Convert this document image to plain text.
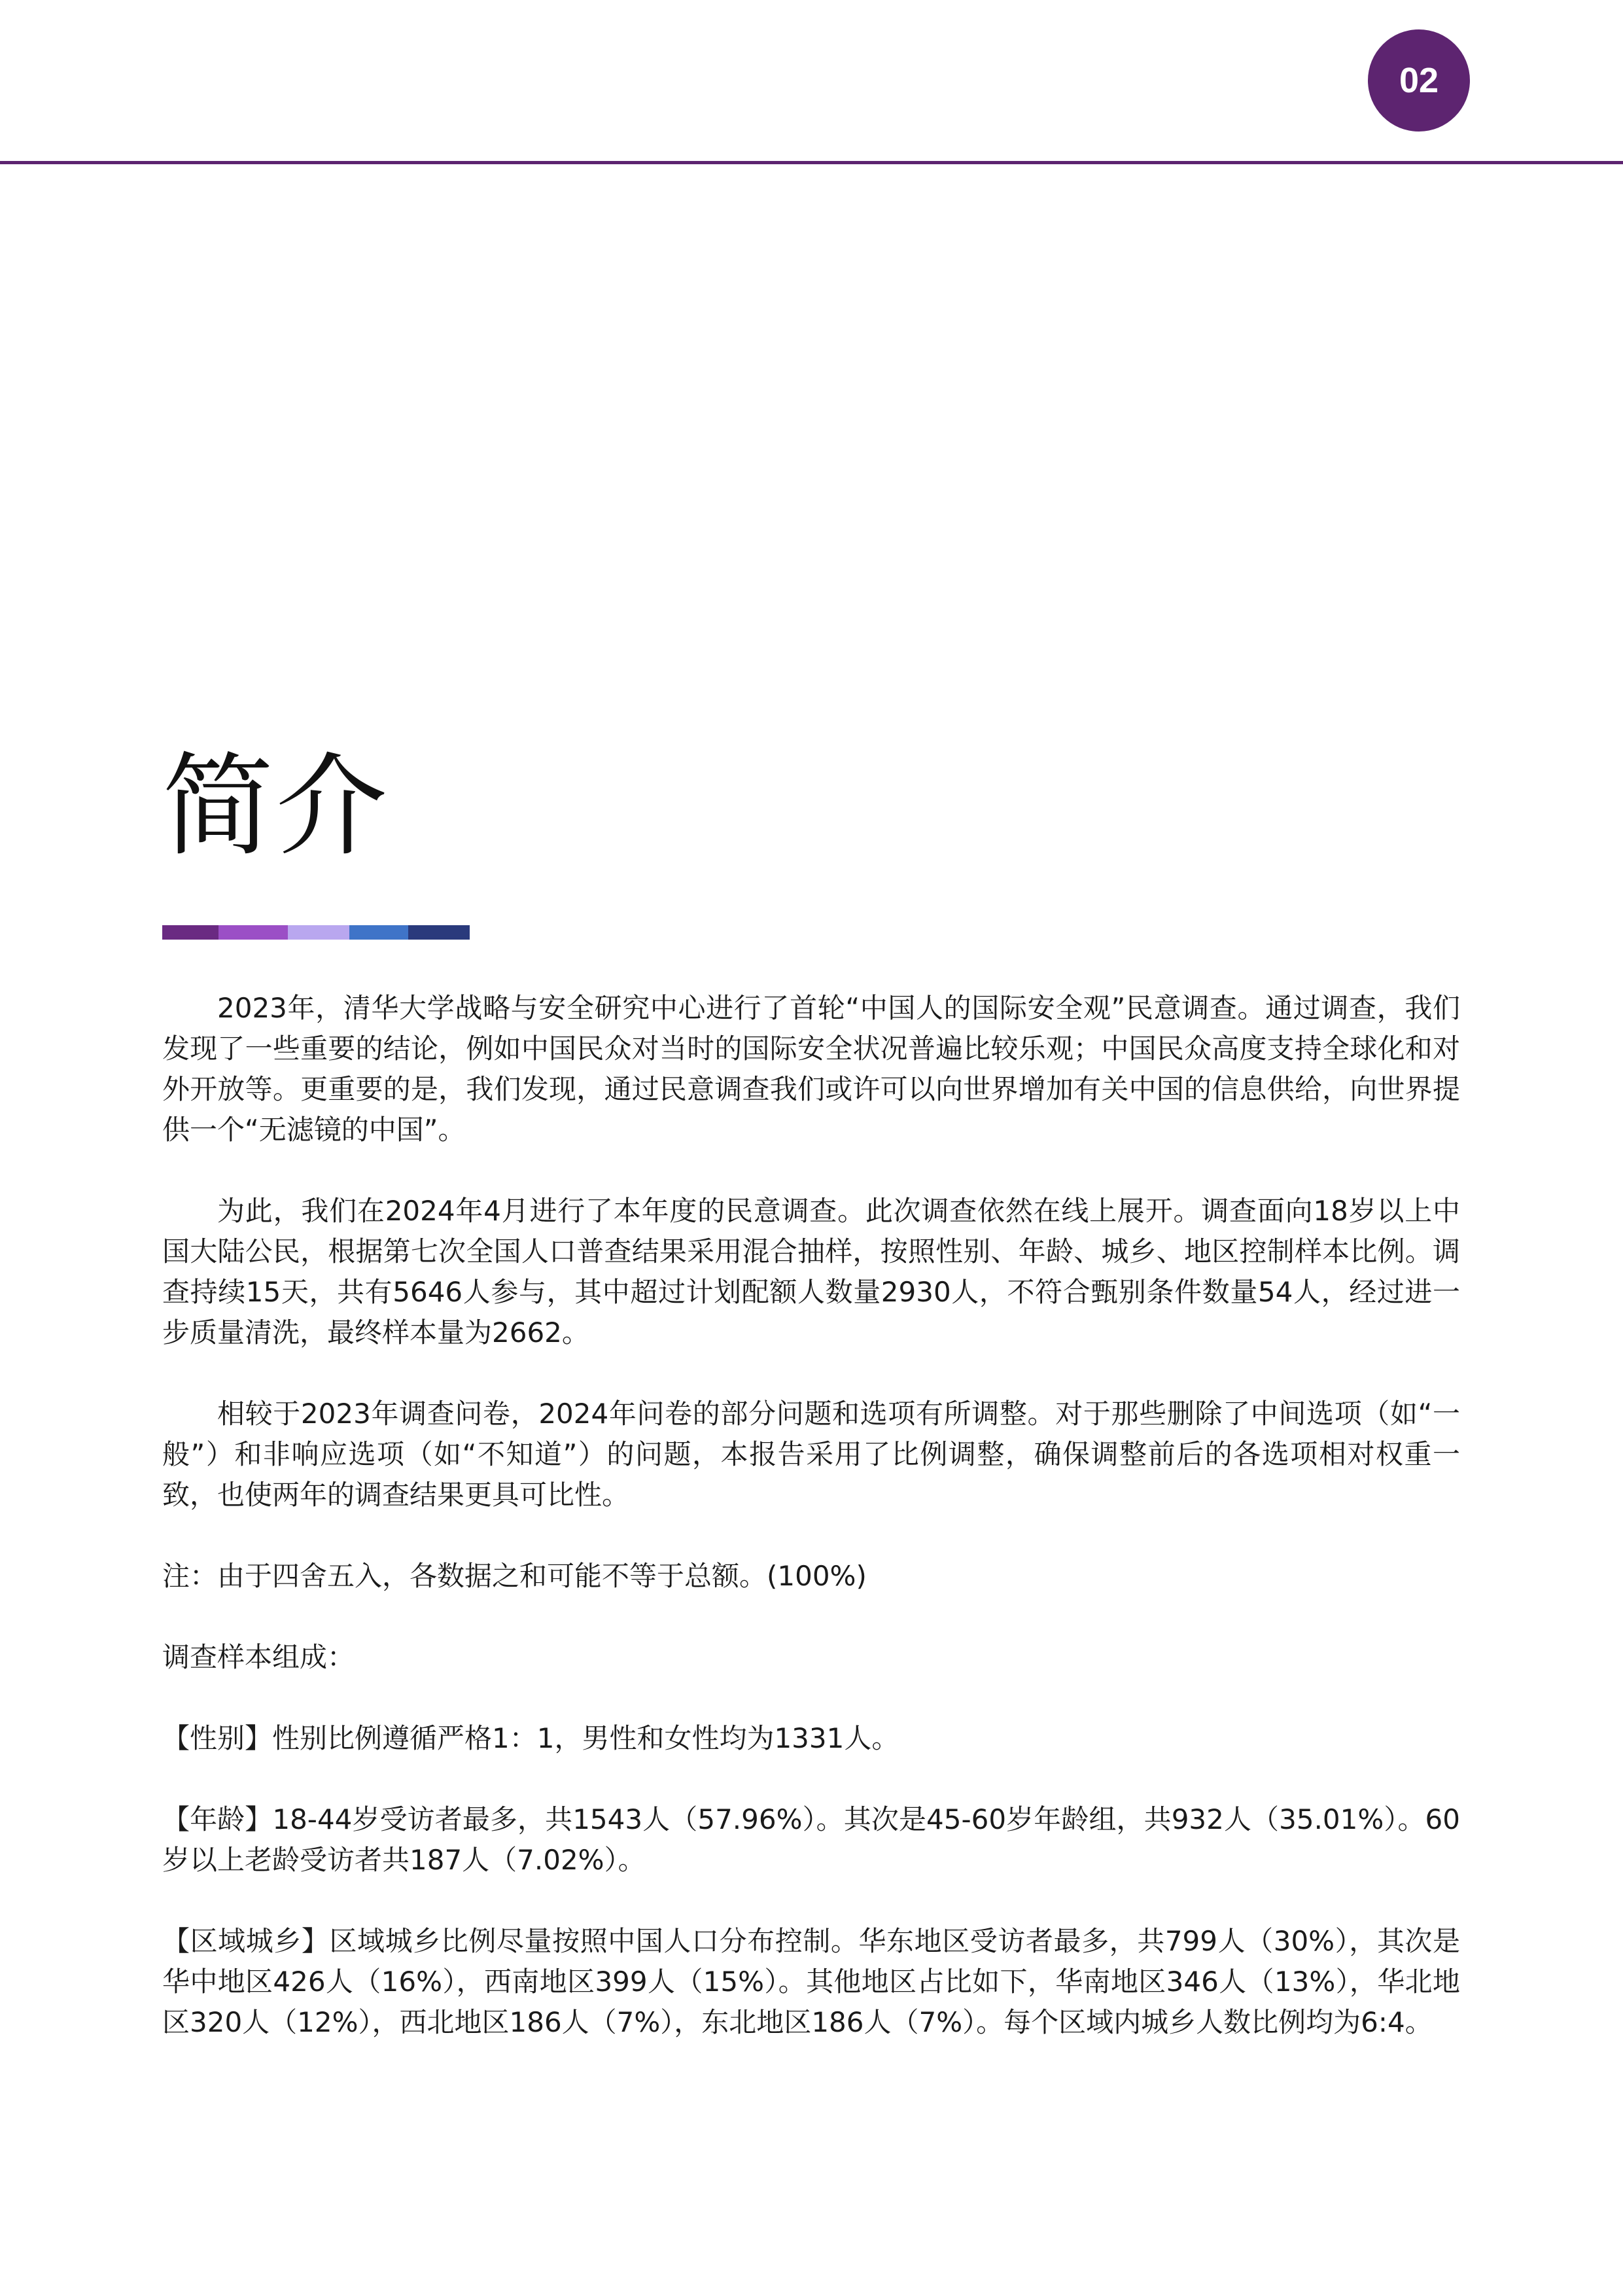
02
简介

2023年，清华大学战略与安全研究中心进行了首轮“中国人的国际安全观”民意调查。通过调查，我们发现了一些重要的结论，例如中国民众对当时的国际安全状况普遍比较乐观；中国民众高度支持全球化和对外开放等。更重要的是，我们发现，通过民意调查我们或许可以向世界增加有关中国的信息供给，向世界提供一个“无滤镜的中国”。

为此，我们在2024年4月进行了本年度的民意调查。此次调查依然在线上展开。调查面向18岁以上中国大陆公民，根据第七次全国人口普查结果采用混合抽样，按照性别、年龄、城乡、地区控制样本比例。调查持续15天，共有5646人参与，其中超过计划配额人数量2930人，不符合甄别条件数量54人，经过进一步质量清洗，最终样本量为2662。

相较于2023年调查问卷，2024年问卷的部分问题和选项有所调整。对于那些删除了中间选项（如“一般”）和非响应选项（如“不知道”）的问题，本报告采用了比例调整，确保调整前后的各选项相对权重一致，也使两年的调查结果更具可比性。

注：由于四舍五入，各数据之和可能不等于总额。(100%)

调查样本组成：

【性别】性别比例遵循严格1：1，男性和女性均为1331人。

【年龄】18-44岁受访者最多，共1543人（57.96%）。其次是45-60岁年龄组，共932人（35.01%）。60岁以上老龄受访者共187人（7.02%）。

【区域城乡】区域城乡比例尽量按照中国人口分布控制。华东地区受访者最多，共799人（30%），其次是华中地区426人（16%），西南地区399人（15%）。其他地区占比如下，华南地区346人（13%），华北地区320人（12%），西北地区186人（7%），东北地区186人（7%）。每个区域内城乡人数比例均为6:4。
